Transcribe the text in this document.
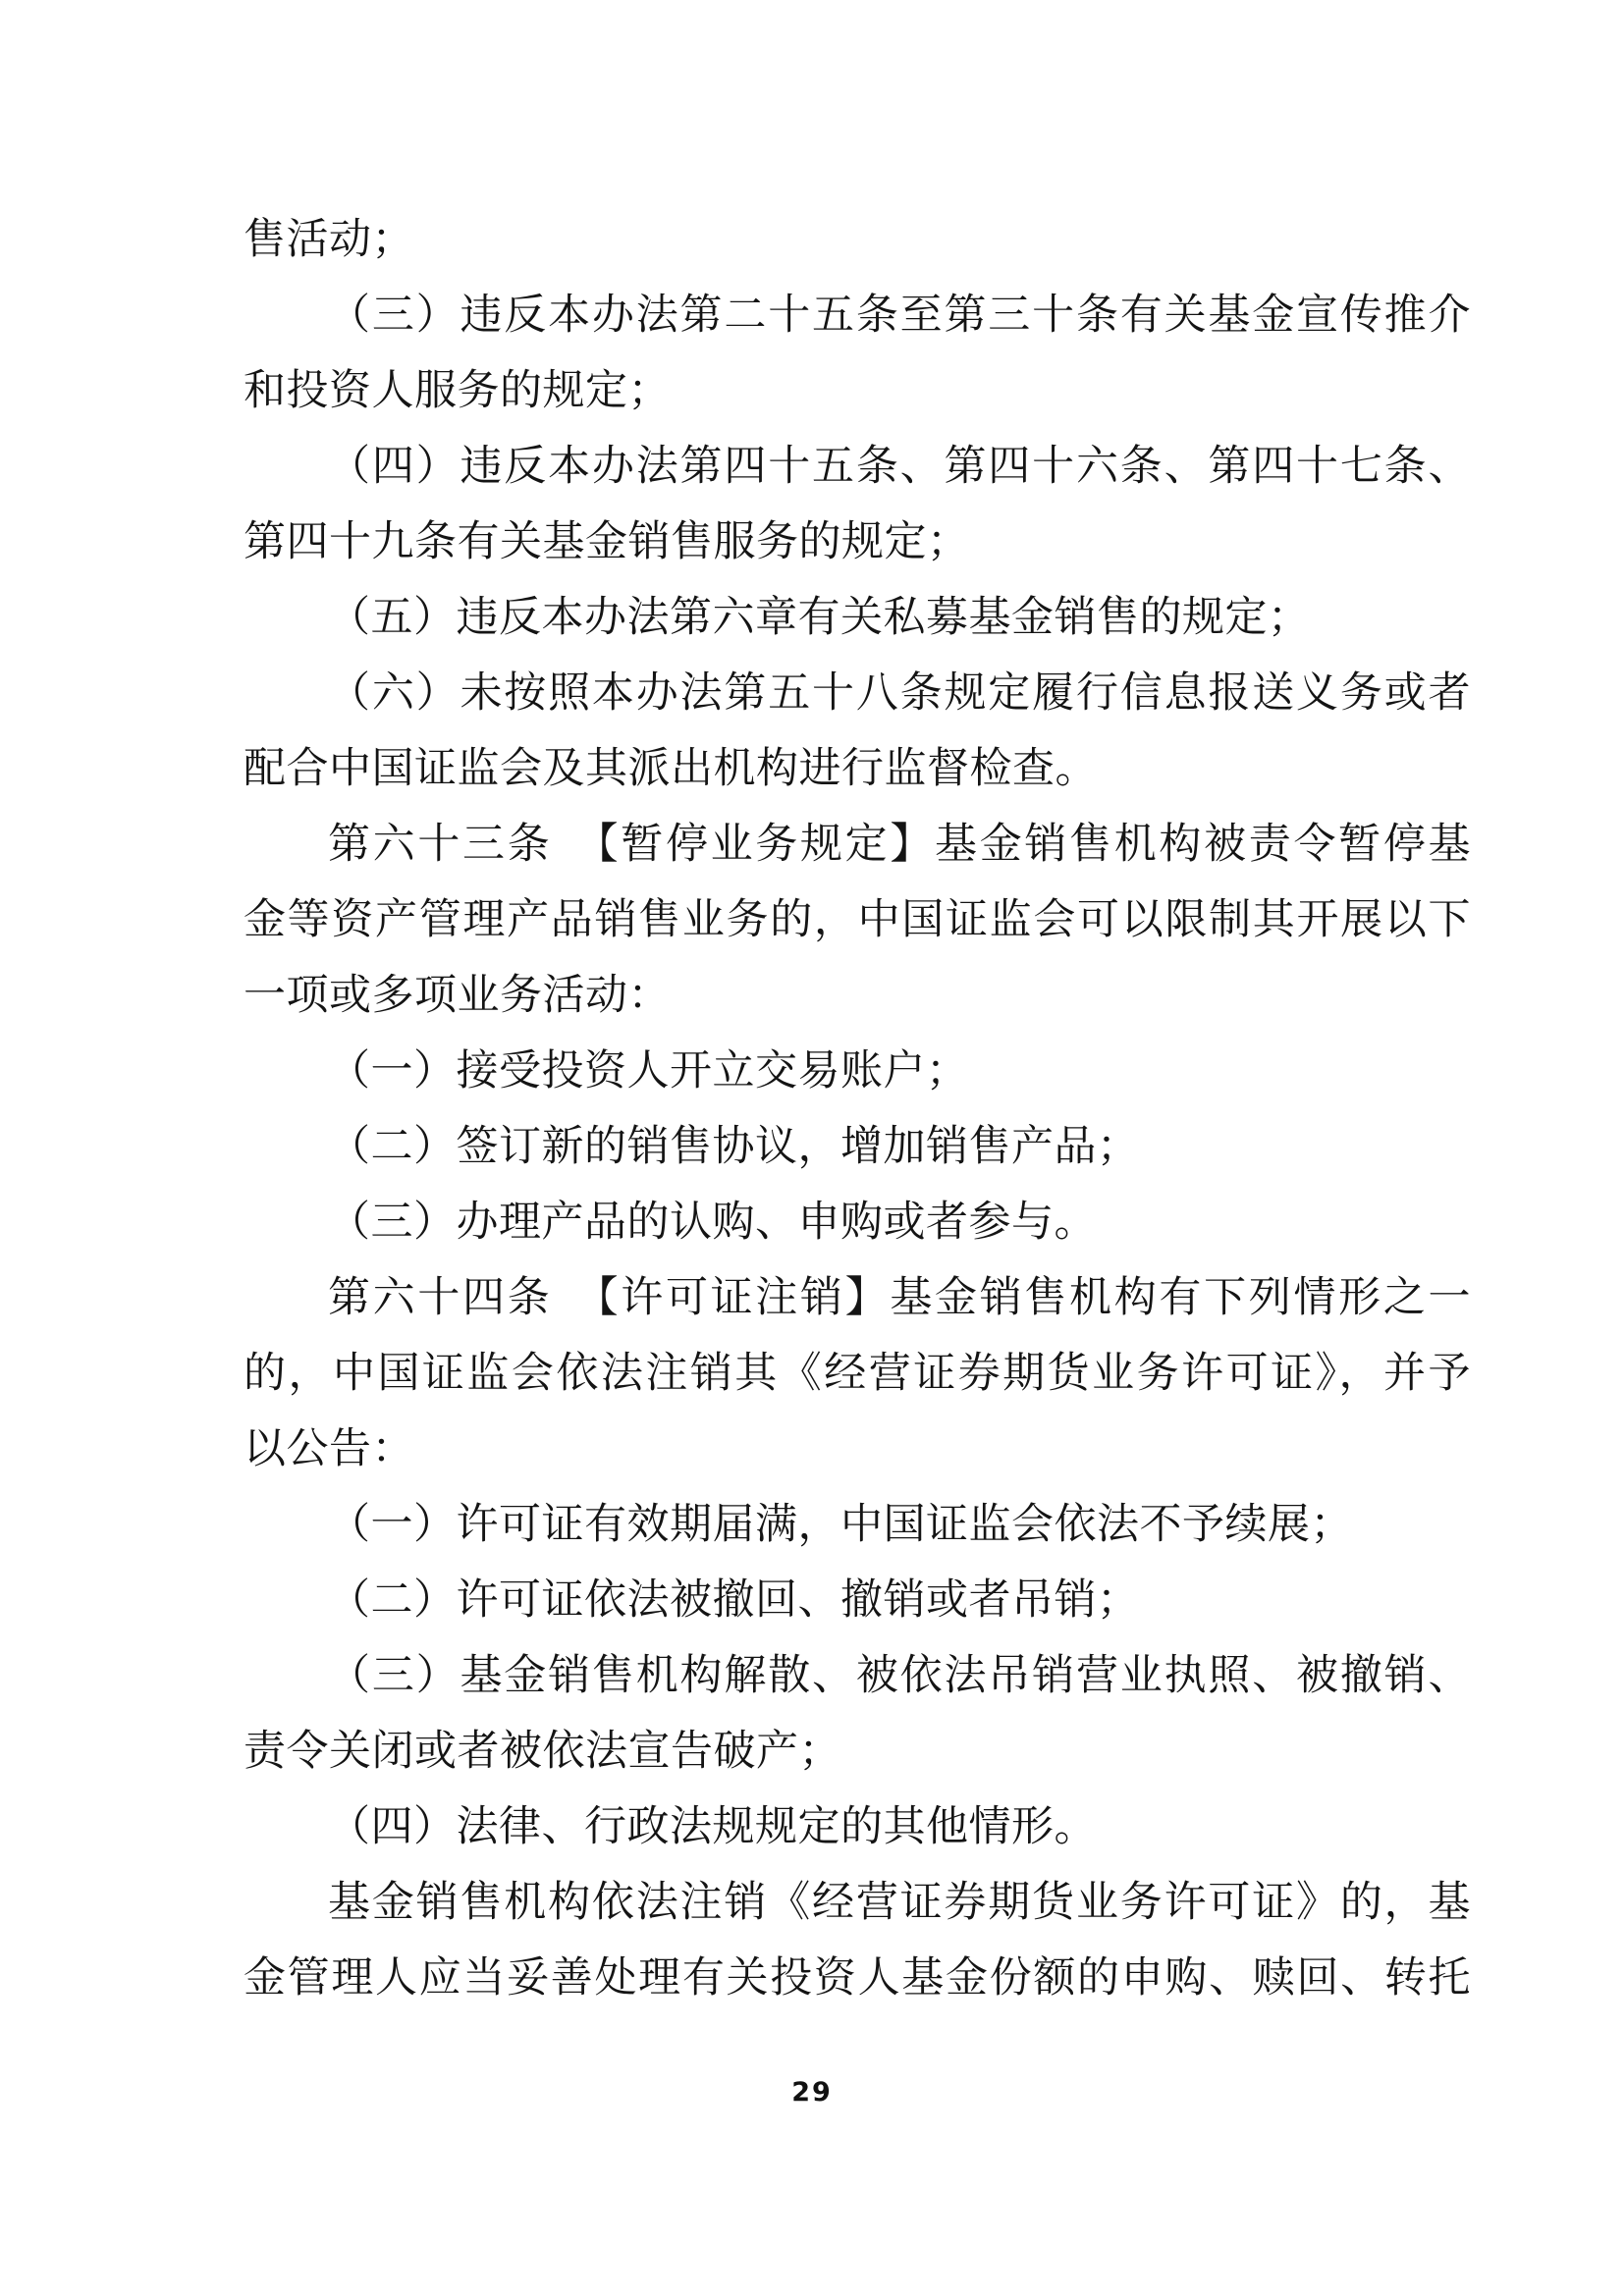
售活动；
（三）违反本办法第二十五条至第三十条有关基金宣传推介
和投资人服务的规定；
（四）违反本办法第四十五条、第四十六条、第四十七条、
第四十九条有关基金销售服务的规定；
（五）违反本办法第六章有关私募基金销售的规定；
（六）未按照本办法第五十八条规定履行信息报送义务或者
配合中国证监会及其派出机构进行监督检查。
第六十三条　【暂停业务规定】基金销售机构被责令暂停基
金等资产管理产品销售业务的，中国证监会可以限制其开展以下
一项或多项业务活动：
（一）接受投资人开立交易账户；
（二）签订新的销售协议，增加销售产品；
（三）办理产品的认购、申购或者参与。
第六十四条　【许可证注销】基金销售机构有下列情形之一
的，中国证监会依法注销其《经营证券期货业务许可证》，并予
以公告：
（一）许可证有效期届满，中国证监会依法不予续展；
（二）许可证依法被撤回、撤销或者吊销；
（三）基金销售机构解散、被依法吊销营业执照、被撤销、
责令关闭或者被依法宣告破产；
（四）法律、行政法规规定的其他情形。
基金销售机构依法注销《经营证券期货业务许可证》的，基
金管理人应当妥善处理有关投资人基金份额的申购、赎回、转托
29
